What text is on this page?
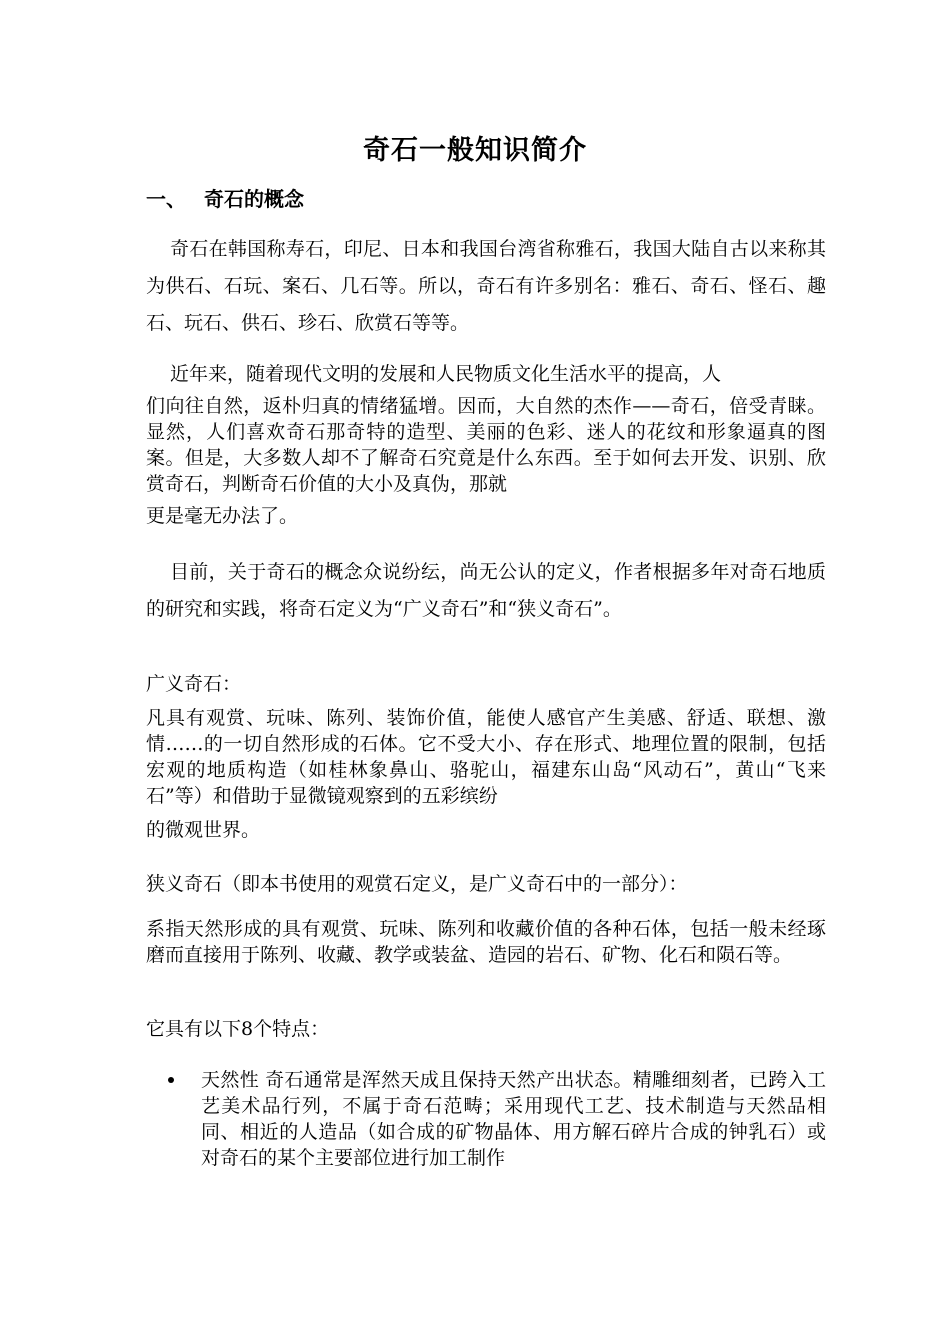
奇石一般知识简介
一、 奇石的概念

奇石在韩国称寿石，印尼、日本和我国台湾省称雅石，我国大陆自古以来称其为供石、石玩、案石、几石等。所以，奇石有许多别名：雅石、奇石、怪石、趣石、玩石、供石、珍石、欣赏石等等。

近年来，随着现代文明的发展和人民物质文化生活水平的提高，人
们向往自然，返朴归真的情绪猛增。因而，大自然的杰作——奇石，倍受青睐。显然，人们喜欢奇石那奇特的造型、美丽的色彩、迷人的花纹和形象逼真的图案。但是，大多数人却不了解奇石究竟是什么东西。至于如何去开发、识别、欣赏奇石，判断奇石价值的大小及真伪，那就
更是毫无办法了。

目前，关于奇石的概念众说纷纭，尚无公认的定义，作者根据多年对奇石地质的研究和实践，将奇石定义为“广义奇石”和“狭义奇石”。

广义奇石：

凡具有观赏、玩味、陈列、装饰价值，能使人感官产生美感、舒适、联想、激情……的一切自然形成的石体。它不受大小、存在形式、地理位置的限制，包括宏观的地质构造（如桂林象鼻山、骆驼山，福建东山岛“风动石”，黄山“飞来石”等）和借助于显微镜观察到的五彩缤纷
的微观世界。

狭义奇石（即本书使用的观赏石定义，是广义奇石中的一部分）：

系指天然形成的具有观赏、玩味、陈列和收藏价值的各种石体，包括一般未经琢磨而直接用于陈列、收藏、教学或装盆、造园的岩石、矿物、化石和陨石等。

它具有以下8个特点：

天然性 奇石通常是浑然天成且保持天然产出状态。精雕细刻者，已跨入工艺美术品行列，不属于奇石范畴；采用现代工艺、技术制造与天然品相同、相近的人造品（如合成的矿物晶体、用方解石碎片合成的钟乳石）或对奇石的某个主要部位进行加工制作
